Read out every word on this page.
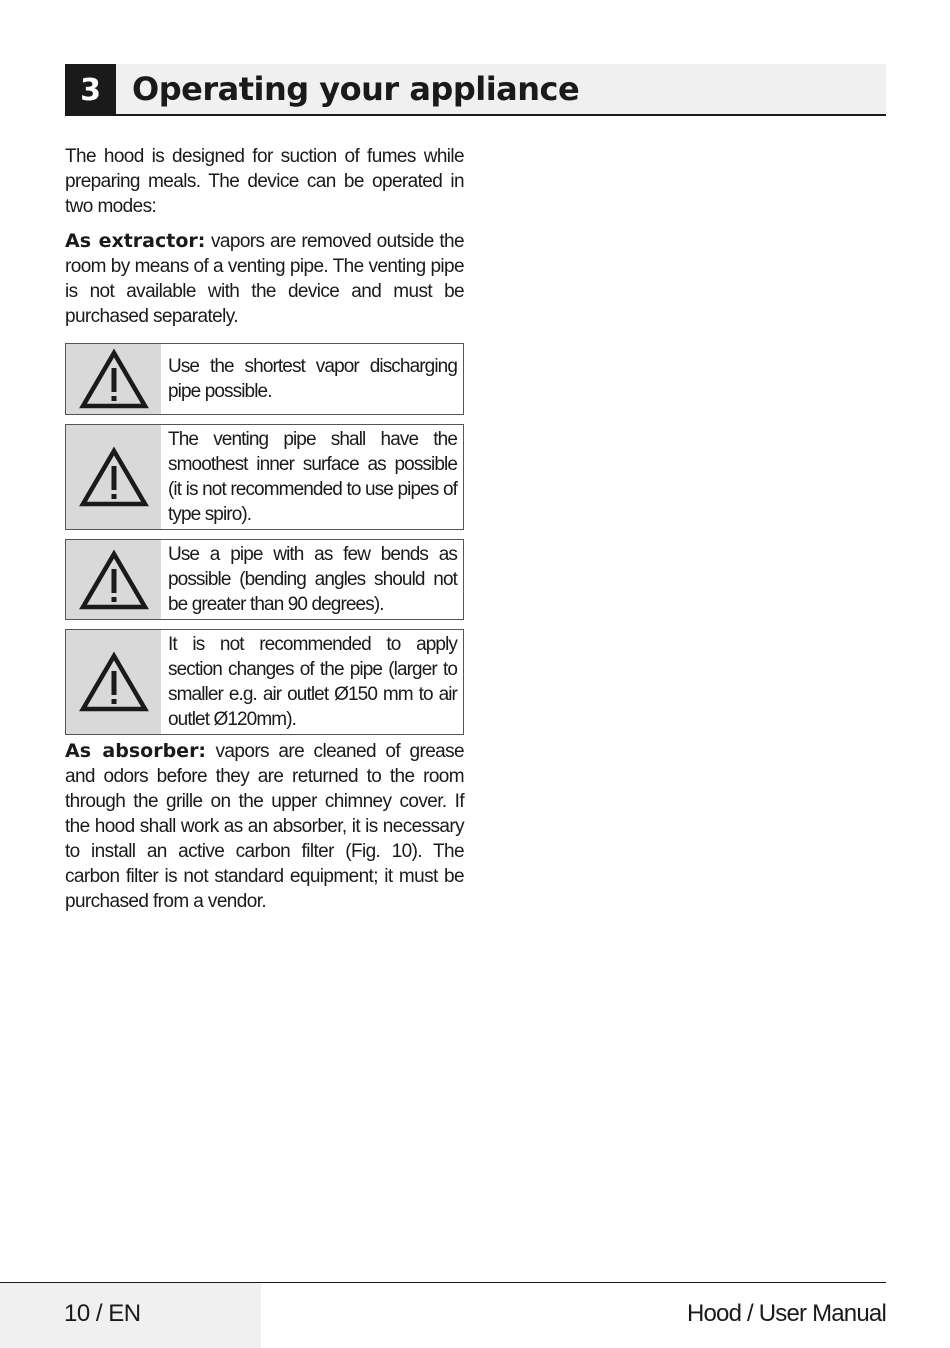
3 Operating your appliance

The hood is designed for suction of fumes while preparing meals. The device can be operated in two modes:

As extractor: vapors are removed outside the room by means of a venting pipe. The venting pipe is not available with the device and must be purchased separately.

Use the shortest vapor discharging pipe possible.
The venting pipe shall have the smoothest inner surface as possible (it is not recommended to use pipes of type spiro).
Use a pipe with as few bends as possible (bending angles should not be greater than 90 degrees).
It is not recommended to apply section changes of the pipe (larger to smaller e.g. air outlet Ø150 mm to air outlet Ø120mm).

As absorber: vapors are cleaned of grease and odors before they are returned to the room through the grille on the upper chimney cover. If the hood shall work as an absorber, it is necessary to install an active carbon filter (Fig. 10). The carbon filter is not standard equipment; it must be purchased from a vendor.

10 / EN	Hood / User Manual
